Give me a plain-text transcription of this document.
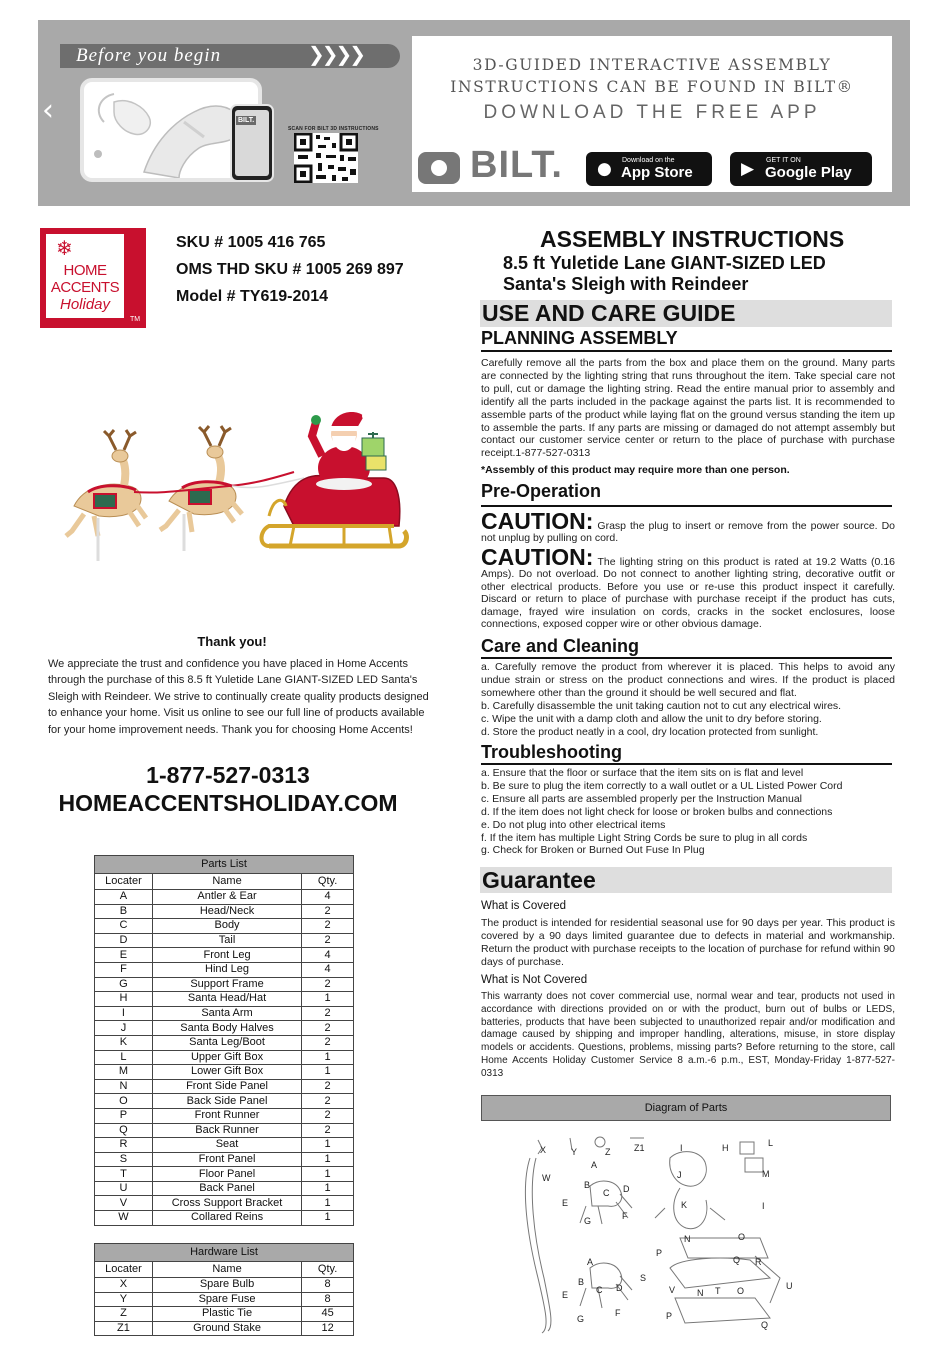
‹
Before you begin	❯❯❯❯
BILT.
SCAN FOR BILT 3D INSTRUCTIONS
3D-GUIDED INTERACTIVE ASSEMBLY
INSTRUCTIONS CAN BE FOUND IN BILT®
DOWNLOAD THE FREE APP
BILT. ● Download on the
App Store	▶ GET IT ON
Google Play
❄
HOME
ACCENTS
Holiday
TM
SKU # 1005 416 765
OMS THD SKU # 1005 269 897
Model # TY619-2014
Thank you!
We appreciate the trust and confidence you have placed in Home Accents through the purchase of this 8.5 ft Yuletide Lane GIANT-SIZED LED Santa's Sleigh with Reindeer. We strive to continually create quality products designed to enhance your home. Visit us online to see our full line of products available for your home improvement needs. Thank you for choosing Home Accents!
1-877-527-0313
HOMEACCENTSHOLIDAY.COM
Parts List		
Locater	Name	Qty.
A	Antler & Ear	4
B	Head/Neck	2
C	Body	2
D	Tail	2
E	Front Leg	4
F	Hind Leg	4
G	Support Frame	2
H	Santa Head/Hat	1
I	Santa Arm	2
J	Santa Body Halves	2
K	Santa Leg/Boot	2
L	Upper Gift Box	1
M	Lower Gift Box	1
N	Front Side Panel	2
O	Back Side Panel	2
P	Front Runner	2
Q	Back Runner	2
R	Seat	1
S	Front Panel	1
T	Floor Panel	1
U	Back Panel	1
V	Cross Support Bracket	1
W	Collared Reins	1
Hardware List		
Locater	Name	Qty.
X	Spare Bulb	8
Y	Spare Fuse	8
Z	Plastic Tie	45
Z1	Ground Stake	12
ASSEMBLY INSTRUCTIONS
8.5 ft Yuletide Lane GIANT-SIZED LED Santa's Sleigh with Reindeer
USE AND CARE GUIDE
PLANNING ASSEMBLY
Carefully remove all the parts from the box and place them on the ground. Many parts are connected by the lighting string that runs throughout the item. Take special care not to pull, cut or damage the lighting string. Read the entire manual prior to assembly and identify all the parts included in the package against the parts list. It is recommended to assemble parts of the product while laying flat on the ground versus standing the item up to assemble the parts. If any parts are missing or damaged do not attempt assembly but contact our customer service center or return to the place of purchase with purchase receipt.1-877-527-0313
*Assembly of this product may require more than one person.
Pre-Operation
CAUTION: Grasp the plug to insert or remove from the power source. Do not unplug by pulling on cord.
CAUTION: The lighting string on this product is rated at 19.2 Watts (0.16 Amps). Do not overload. Do not connect to another lighting string, decorative outfit or other electrical products. Before you use or re-use this product inspect it carefully. Discard or return to place of purchase with purchase receipt if the product has cuts, damage, frayed wire insulation on cords, cracks in the socket enclosures, loose connections, exposed copper wire or other obvious damage.
Care and Cleaning
a. Carefully remove the product from wherever it is placed. This helps to avoid any undue strain or stress on the product connections and wires. If the product is placed somewhere other than the ground it should be well secured and flat.
b. Carefully disassemble the unit taking caution not to cut any electrical wires.
c. Wipe the unit with a damp cloth and allow the unit to dry before storing.
d. Store the product neatly in a cool, dry location protected from sunlight.
Troubleshooting
a. Ensure that the floor or surface that the item sits on is flat and level
b. Be sure to plug the item correctly to a wall outlet or a UL Listed Power Cord
c. Ensure all parts are assembled properly per the Instruction Manual
d. If the item does not light check for loose or broken bulbs and connections
e. Do not plug into other electrical items
f. If the item has multiple Light String Cords be sure to plug in all cords
g. Check for Broken or Burned Out Fuse In Plug
Guarantee
What is Covered
The product is intended for residential seasonal use for 90 days per year. This product is covered by a 90 days limited guarantee due to defects in material and workmanship. Return the product with purchase receipts to the location of purchase for refund within 90 days of purchase.
What is Not Covered
This warranty does not cover commercial use, normal wear and tear, products not used in accordance with directions provided on or with the product, burn out of bulbs or LEDS, batteries, products that have been subjected to unauthorized repair and/or modification and damage caused by shipping and improper handling, alterations, misuse, in store display models or accidents. Questions, problems, missing parts? Before returning to the store, call Home Accents Holiday Customer Service 8 a.m.-6 p.m., EST, Monday-Friday 1-877-527-0313
Diagram of Parts
X	Y	Z	Z1
W
A
B
C D
E
F
G
A
B
C D
E
F
G
H
I
J
K
L
M
I
N	O
P
Q R
S
V N T O	U
P
Q
